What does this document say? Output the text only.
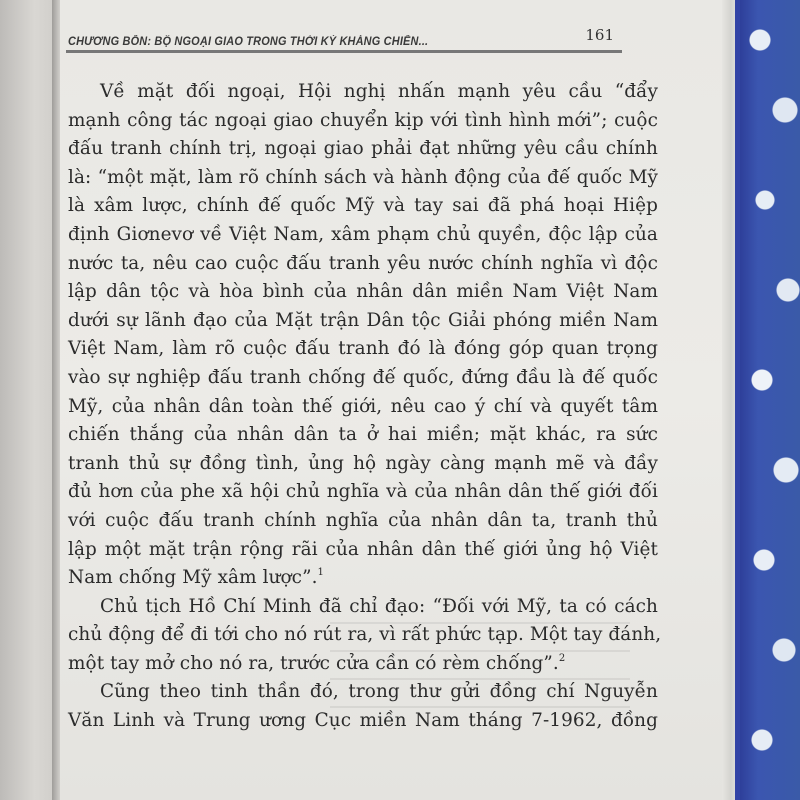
CHƯƠNG BỐN: BỘ NGOẠI GIAO TRONG THỜI KỲ KHÁNG CHIẾN...	161
Về mặt đối ngoại, Hội nghị nhấn mạnh yêu cầu “đẩy
mạnh công tác ngoại giao chuyển kịp với tình hình mới”; cuộc
đấu tranh chính trị, ngoại giao phải đạt những yêu cầu chính
là: “một mặt, làm rõ chính sách và hành động của đế quốc Mỹ
là xâm lược, chính đế quốc Mỹ và tay sai đã phá hoại Hiệp
định Giơnevơ về Việt Nam, xâm phạm chủ quyền, độc lập của
nước ta, nêu cao cuộc đấu tranh yêu nước chính nghĩa vì độc
lập dân tộc và hòa bình của nhân dân miền Nam Việt Nam
dưới sự lãnh đạo của Mặt trận Dân tộc Giải phóng miền Nam
Việt Nam, làm rõ cuộc đấu tranh đó là đóng góp quan trọng
vào sự nghiệp đấu tranh chống đế quốc, đứng đầu là đế quốc
Mỹ, của nhân dân toàn thế giới, nêu cao ý chí và quyết tâm
chiến thắng của nhân dân ta ở hai miền; mặt khác, ra sức
tranh thủ sự đồng tình, ủng hộ ngày càng mạnh mẽ và đầy
đủ hơn của phe xã hội chủ nghĩa và của nhân dân thế giới đối
với cuộc đấu tranh chính nghĩa của nhân dân ta, tranh thủ
lập một mặt trận rộng rãi của nhân dân thế giới ủng hộ Việt
Nam chống Mỹ xâm lược”.$^1$
Chủ tịch Hồ Chí Minh đã chỉ đạo: “Đối với Mỹ, ta có cách
chủ động để đi tới cho nó rút ra, vì rất phức tạp. Một tay đánh,
một tay mở cho nó ra, trước cửa cần có rèm chống”.$^2$
Cũng theo tinh thần đó, trong thư gửi đồng chí Nguyễn
Văn Linh và Trung ương Cục miền Nam tháng 7-1962, đồng
